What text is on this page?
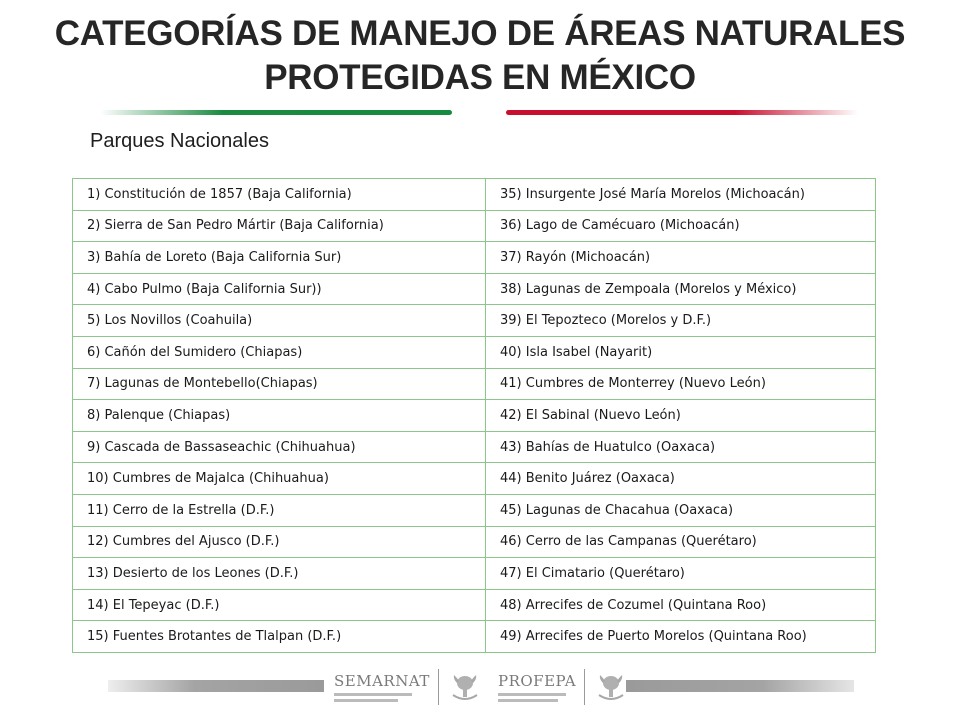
CATEGORÍAS DE MANEJO DE ÁREAS NATURALES
PROTEGIDAS EN MÉXICO
Parques Nacionales
1) Constitución de 1857 (Baja California)	35) Insurgente José María Morelos (Michoacán)
2) Sierra de San Pedro Mártir (Baja California)	36) Lago de Camécuaro (Michoacán)
3) Bahía de Loreto (Baja California Sur)	37) Rayón (Michoacán)
4) Cabo Pulmo (Baja California Sur))	38) Lagunas de Zempoala (Morelos y México)
5) Los Novillos (Coahuila)	39) El Tepozteco (Morelos y D.F.)
6) Cañón del Sumidero (Chiapas)	40) Isla Isabel (Nayarit)
7) Lagunas de Montebello(Chiapas)	41) Cumbres de Monterrey (Nuevo León)
8) Palenque (Chiapas)	42) El Sabinal (Nuevo León)
9) Cascada de Bassaseachic (Chihuahua)	43) Bahías de Huatulco (Oaxaca)
10) Cumbres de Majalca (Chihuahua)	44) Benito Juárez (Oaxaca)
11) Cerro de la Estrella (D.F.)	45) Lagunas de Chacahua (Oaxaca)
12) Cumbres del Ajusco (D.F.)	46) Cerro de las Campanas (Querétaro)
13) Desierto de los Leones (D.F.)	47) El Cimatario (Querétaro)
14) El Tepeyac (D.F.)	48) Arrecifes de Cozumel (Quintana Roo)
15) Fuentes Brotantes de Tlalpan (D.F.)	49) Arrecifes de Puerto Morelos (Quintana Roo)
SEMARNAT	PROFEPA
